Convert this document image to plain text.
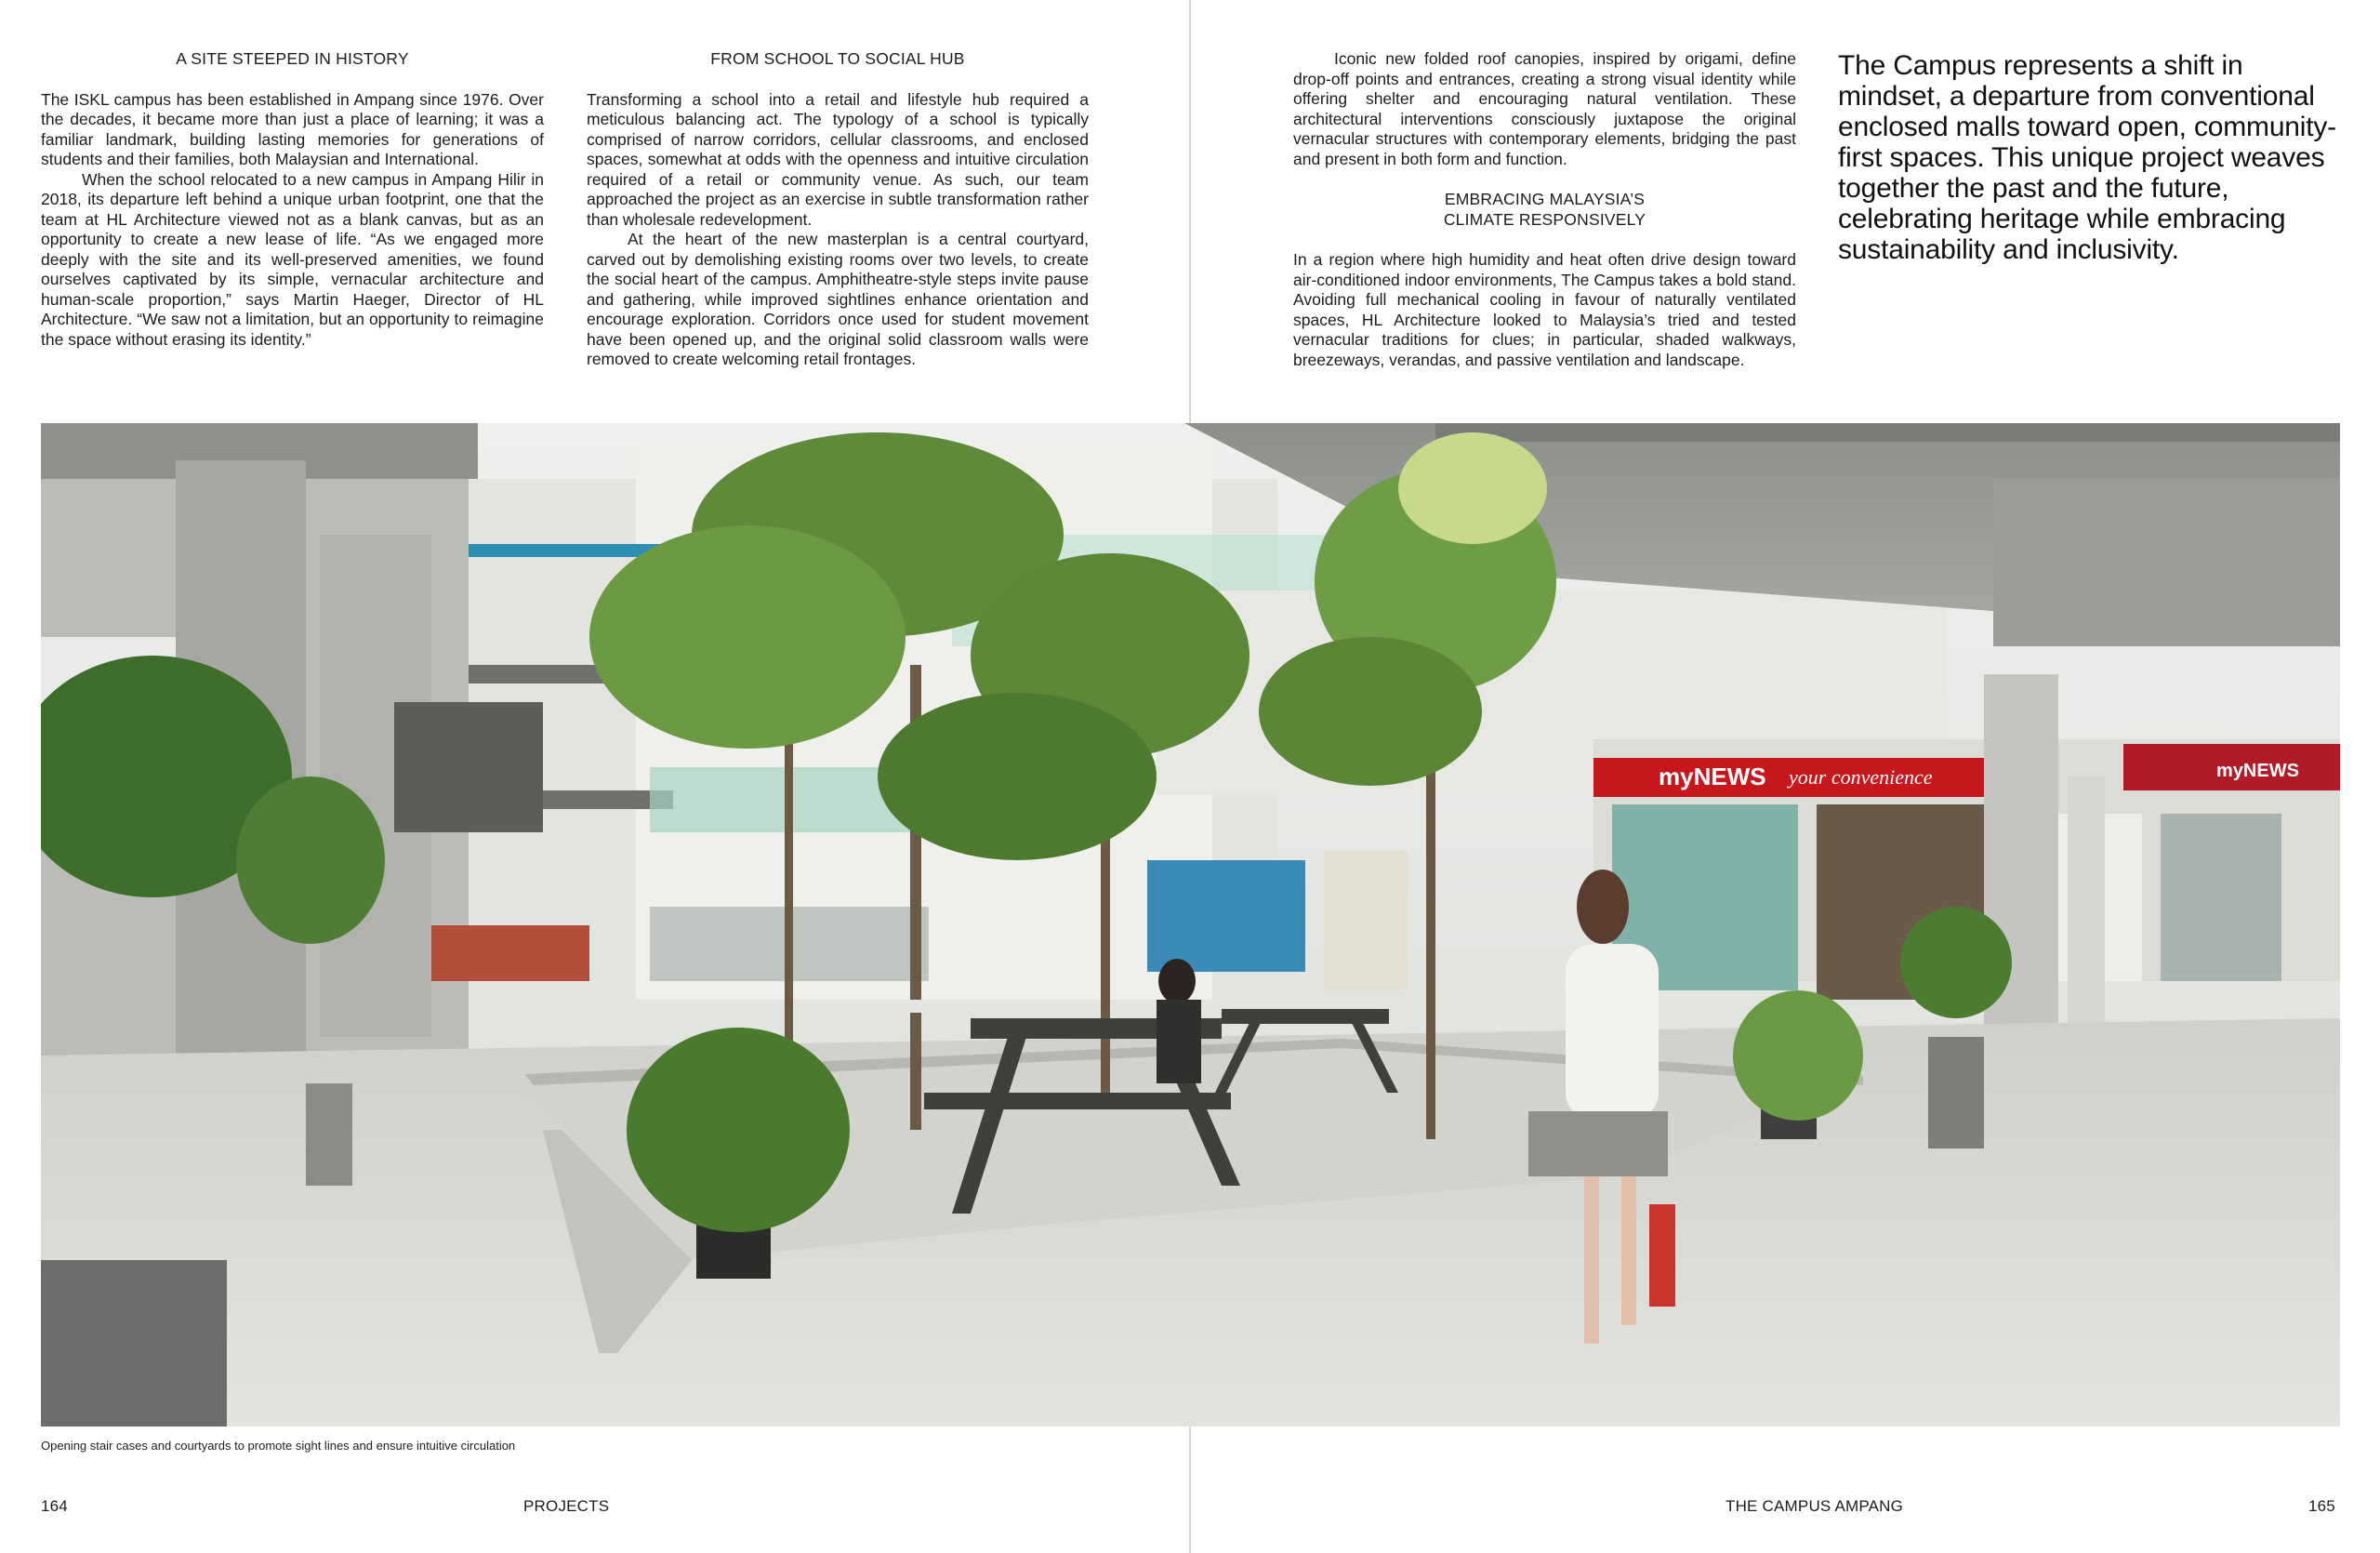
A SITE STEEPED IN HISTORY

The ISKL campus has been established in Ampang since 1976. Over the decades, it became more than just a place of learning; it was a familiar landmark, building lasting memories for generations of students and their families, both Malaysian and International.

When the school relocated to a new campus in Ampang Hilir in 2018, its departure left behind a unique urban footprint, one that the team at HL Architecture viewed not as a blank canvas, but as an opportunity to create a new lease of life. “As we engaged more deeply with the site and its well-preserved amenities, we found ourselves captivated by its simple, vernacular architecture and human-scale proportion,” says Martin Haeger, Director of HL Architecture. “We saw not a limitation, but an opportunity to reimagine the space without erasing its identity.”

FROM SCHOOL TO SOCIAL HUB

Transforming a school into a retail and lifestyle hub required a meticulous balancing act. The typology of a school is typically comprised of narrow corridors, cellular classrooms, and enclosed spaces, somewhat at odds with the openness and intuitive circulation required of a retail or community venue. As such, our team approached the project as an exercise in subtle transformation rather than wholesale redevelopment.

At the heart of the new masterplan is a central courtyard, carved out by demolishing existing rooms over two levels, to create the social heart of the campus. Amphitheatre-style steps invite pause and gathering, while improved sightlines enhance orientation and encourage exploration. Corridors once used for student movement have been opened up, and the original solid classroom walls were removed to create welcoming retail frontages.

Iconic new folded roof canopies, inspired by origami, define drop-off points and entrances, creating a strong visual identity while offering shelter and encouraging natural ventilation. These architectural interventions consciously juxtapose the original vernacular structures with contemporary elements, bridging the past and present in both form and function.

EMBRACING MALAYSIA’S
CLIMATE RESPONSIVELY

In a region where high humidity and heat often drive design toward air-conditioned indoor environments, The Campus takes a bold stand. Avoiding full mechanical cooling in favour of naturally ventilated spaces, HL Architecture looked to Malaysia’s tried and tested vernacular traditions for clues; in particular, shaded walkways, breezeways, verandas, and passive ventilation and landscape.

The Campus represents a shift in mindset, a departure from conventional enclosed malls toward open, community-first spaces. This unique project weaves together the past and the future, celebrating heritage while embracing sustainability and inclusivity.
myNEWS your convenience	myNEWS
Opening stair cases and courtyards to promote sight lines and ensure intuitive circulation
164	PROJECTS	THE CAMPUS AMPANG	165
